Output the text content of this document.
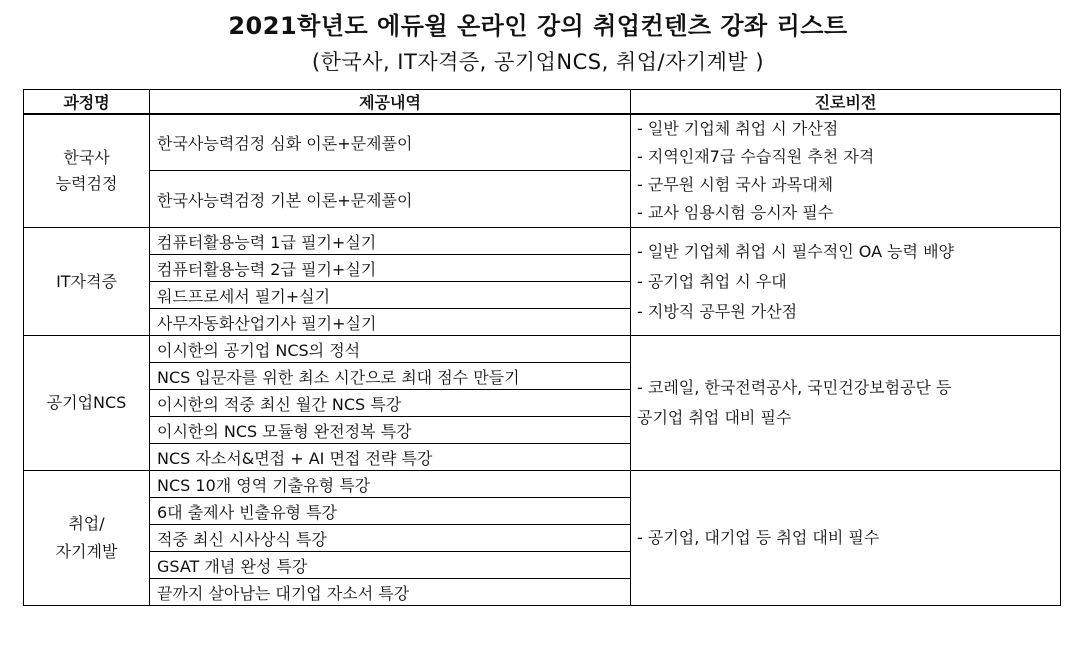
2021학년도 에듀윌 온라인 강의 취업컨텐츠 강좌 리스트
(한국사, IT자격증, 공기업NCS, 취업/자기계발 )
과정명	제공내역	진로비전

한국사
능력검정	한국사능력검정 심화 이론+문제풀이	- 일반 기업체 취업 시 가산점
- 지역인재7급 수습직원 추천 자격
- 군무원 시험 국사 과목대체
- 교사 임용시험 응시자 필수

	한국사능력검정 기본 이론+문제풀이	

IT자격증	컴퓨터활용능력 1급 필기+실기	- 일반 기업체 취업 시 필수적인 OA 능력 배양
- 공기업 취업 시 우대
- 지방직 공무원 가산점

	컴퓨터활용능력 2급 필기+실기	
	워드프로세서 필기+실기	
	사무자동화산업기사 필기+실기	

공기업NCS	이시한의 공기업 NCS의 정석	- 코레일, 한국전력공사, 국민건강보험공단 등
공기업 취업 대비 필수

	NCS 입문자를 위한 최소 시간으로 최대 점수 만들기	
	이시한의 적중 최신 월간 NCS 특강	
	이시한의 NCS 모듈형 완전정복 특강	
	NCS 자소서&면접 + AI 면접 전략 특강	

취업/
자기계발	NCS 10개 영역 기출유형 특강	- 공기업, 대기업 등 취업 대비 필수

	6대 출제사 빈출유형 특강	
	적중 최신 시사상식 특강	
	GSAT 개념 완성 특강	
	끝까지 살아남는 대기업 자소서 특강	
